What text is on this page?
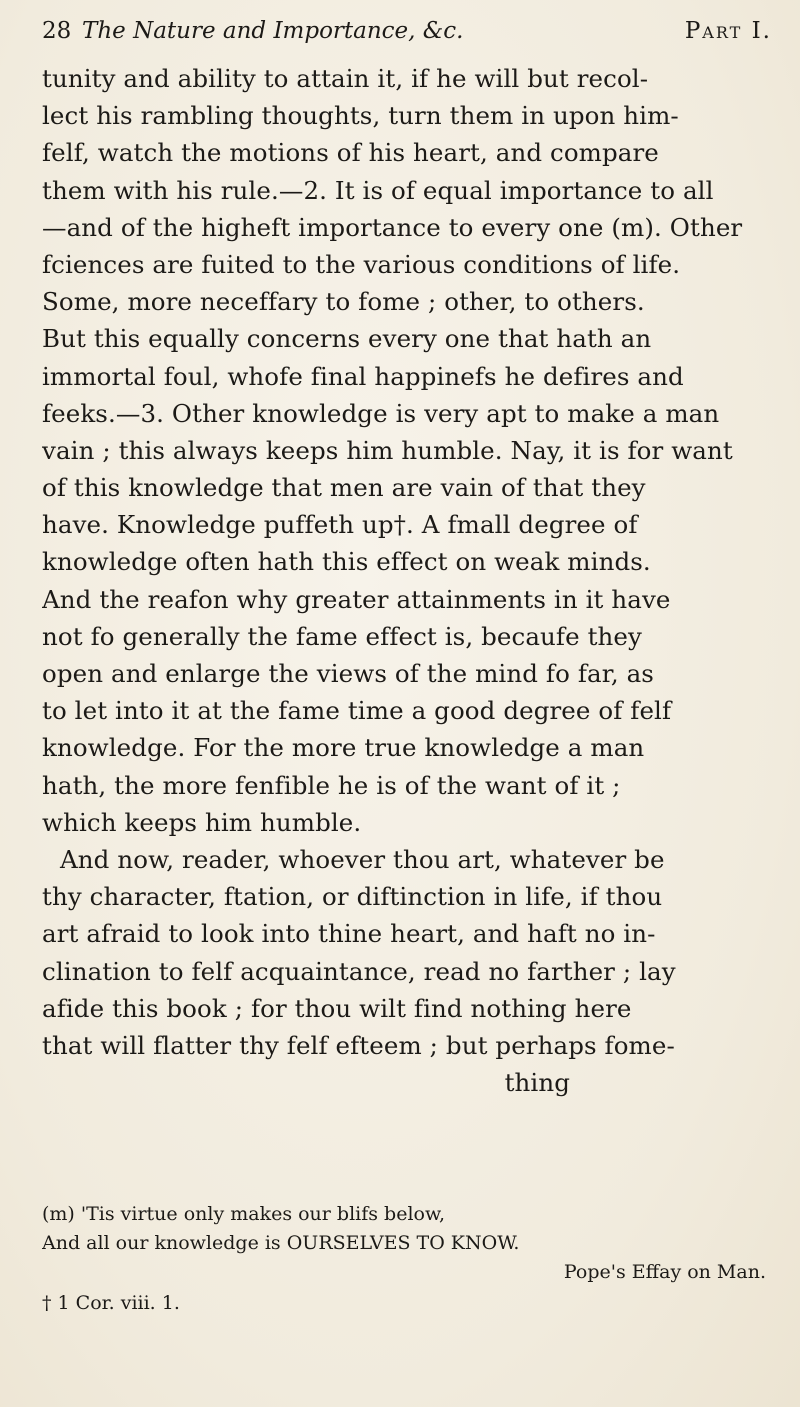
28 The Nature and Importance, &c.	Part I.
tunity and ability to attain it, if he will but recol-
lect his rambling thoughts, turn them in upon him-
felf, watch the motions of his heart, and compare
them with his rule.—2. It is of equal importance to all
—and of the higheft importance to every one (m). Other
fciences are fuited to the various conditions of life.
Some, more neceffary to fome ; other, to others.
But this equally concerns every one that hath an
immortal foul, whofe final happinefs he defires and
feeks.—3. Other knowledge is very apt to make a man
vain ; this always keeps him humble. Nay, it is for want
of this knowledge that men are vain of that they
have. Knowledge puffeth up†. A fmall degree of
knowledge often hath this effect on weak minds.
And the reafon why greater attainments in it have
not fo generally the fame effect is, becaufe they
open and enlarge the views of the mind fo far, as
to let into it at the fame time a good degree of felf
knowledge. For the more true knowledge a man
hath, the more fenfible he is of the want of it ;
which keeps him humble.
And now, reader, whoever thou art, whatever be
thy character, ftation, or diftinction in life, if thou
art afraid to look into thine heart, and haft no in-
clination to felf acquaintance, read no farther ; lay
afide this book ; for thou wilt find nothing here
that will flatter thy felf efteem ; but perhaps fome-
thing
(m) 'Tis virtue only makes our blifs below,
And all our knowledge is OURSELVES TO KNOW.
Pope's Effay on Man.
† 1 Cor. viii. 1.
